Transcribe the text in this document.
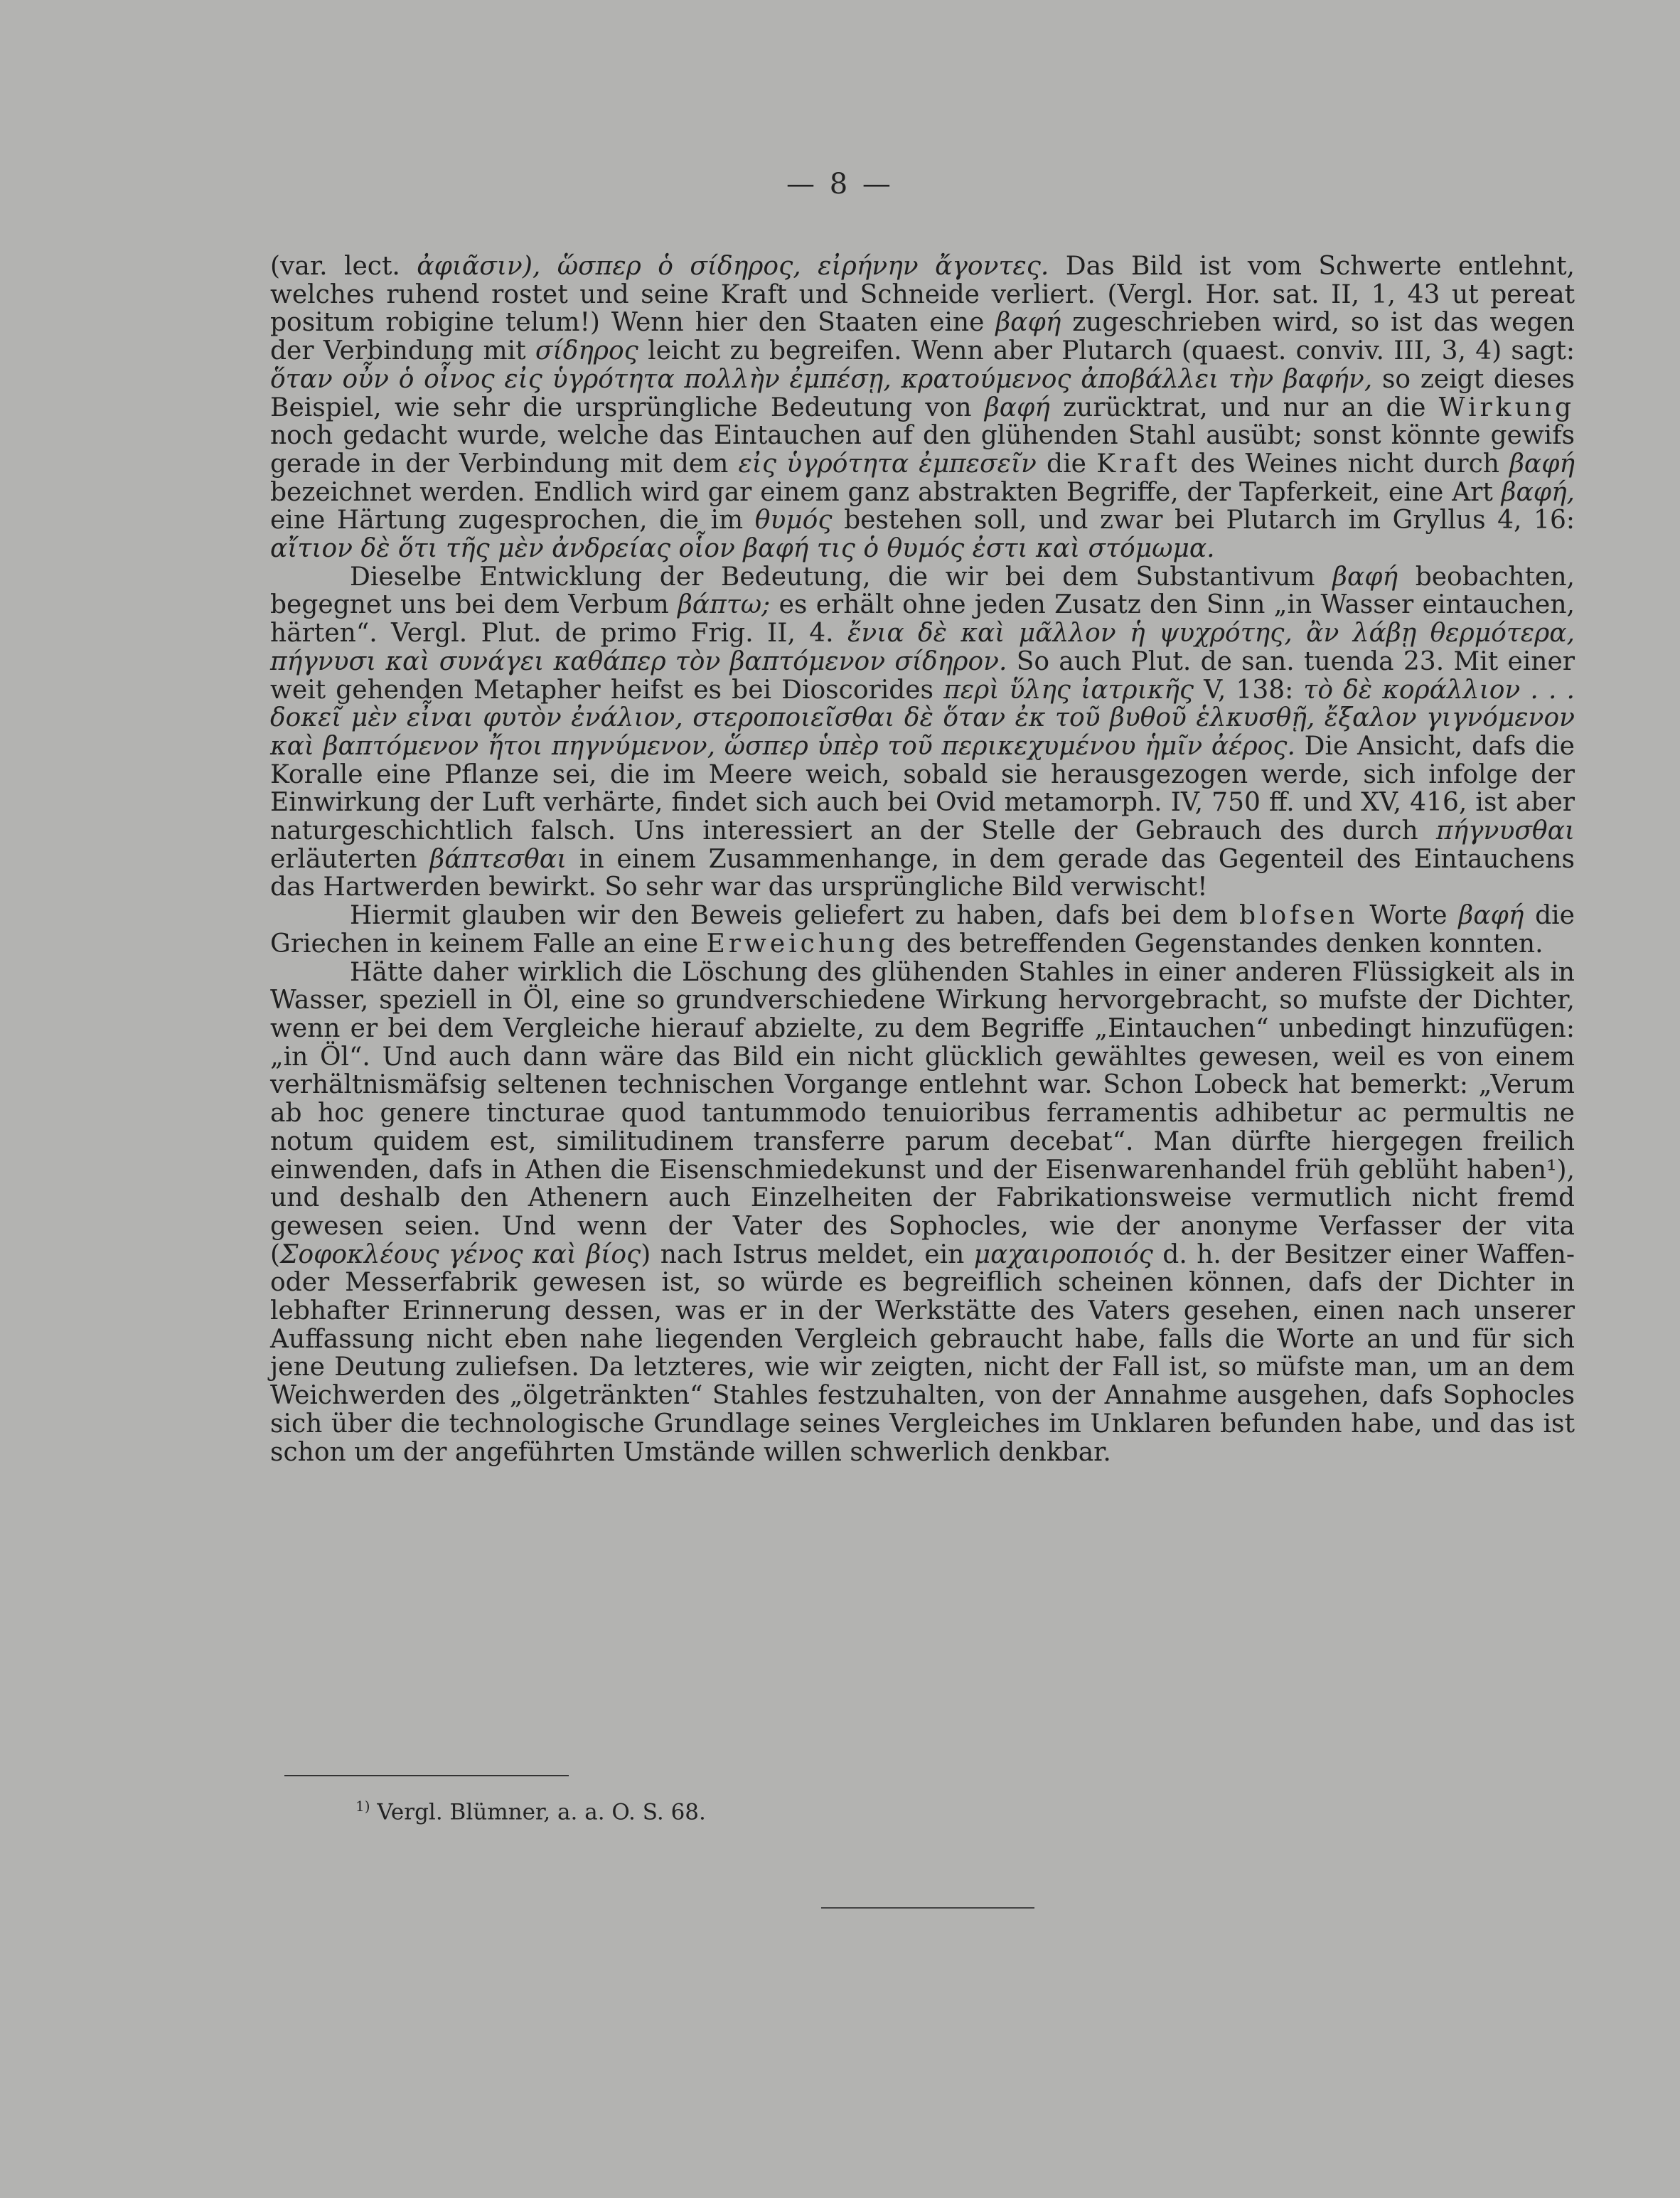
— 8 —

(var. lect. ἀφιᾶσιν), ὥσπερ ὁ σίδηρος, εἰρήνην ἄγοντες. Das Bild ist vom Schwerte entlehnt, welches ruhend rostet und seine Kraft und Schneide verliert. (Vergl. Hor. sat. II, 1, 43 ut pereat positum robigine telum!) Wenn hier den Staaten eine βαφή zugeschrieben wird, so ist das wegen der Verbindung mit σίδηρος leicht zu begreifen. Wenn aber Plutarch (quaest. conviv. III, 3, 4) sagt: ὅταν οὖν ὁ οἶνος εἰς ὑγρότητα πολλὴν ἐμπέσῃ, κρατούμενος ἀποβάλλει τὴν βαφήν, so zeigt dieses Beispiel, wie sehr die ursprüngliche Bedeutung von βαφή zurücktrat, und nur an die Wirkung noch gedacht wurde, welche das Eintauchen auf den glühenden Stahl ausübt; sonst könnte gewifs gerade in der Verbindung mit dem εἰς ὑγρότητα ἐμπεσεῖν die Kraft des Weines nicht durch βαφή bezeichnet werden. Endlich wird gar einem ganz abstrakten Begriffe, der Tapferkeit, eine Art βαφή, eine Härtung zugesprochen, die im θυμός bestehen soll, und zwar bei Plutarch im Gryllus 4, 16: αἴτιον δὲ ὅτι τῆς μὲν ἀνδρείας οἷον βαφή τις ὁ θυμός ἐστι καὶ στόμωμα.

Dieselbe Entwicklung der Bedeutung, die wir bei dem Substantivum βαφή beobachten, begegnet uns bei dem Verbum βάπτω; es erhält ohne jeden Zusatz den Sinn „in Wasser eintauchen, härten“. Vergl. Plut. de primo Frig. II, 4. ἔνια δὲ καὶ μᾶλλον ἡ ψυχρότης, ἂν λάβῃ θερμότερα, πήγνυσι καὶ συνάγει καθάπερ τὸν βαπτόμενον σίδηρον. So auch Plut. de san. tuenda 23. Mit einer weit gehenden Metapher heifst es bei Dioscorides περὶ ὕλης ἰατρικῆς V, 138: τὸ δὲ κοράλλιον . . . δοκεῖ μὲν εἶναι φυτὸν ἐνάλιον, στεροποιεῖσθαι δὲ ὅταν ἐκ τοῦ βυθοῦ ἑλκυσθῇ, ἔξαλον γιγνόμενον καὶ βαπτόμενον ἤτοι πηγνύμενον, ὥσπερ ὑπὲρ τοῦ περικεχυμένου ἡμῖν ἀέρος. Die Ansicht, dafs die Koralle eine Pflanze sei, die im Meere weich, sobald sie herausgezogen werde, sich infolge der Einwirkung der Luft verhärte, findet sich auch bei Ovid metamorph. IV, 750 ff. und XV, 416, ist aber naturgeschichtlich falsch. Uns interessiert an der Stelle der Gebrauch des durch πήγνυσθαι erläuterten βάπτεσθαι in einem Zusammenhange, in dem gerade das Gegenteil des Eintauchens das Hartwerden bewirkt. So sehr war das ursprüngliche Bild verwischt!

Hiermit glauben wir den Beweis geliefert zu haben, dafs bei dem blofsen Worte βαφή die Griechen in keinem Falle an eine Erweichung des betreffenden Gegenstandes denken konnten.

Hätte daher wirklich die Löschung des glühenden Stahles in einer anderen Flüssigkeit als in Wasser, speziell in Öl, eine so grundverschiedene Wirkung hervorgebracht, so mufste der Dichter, wenn er bei dem Vergleiche hierauf abzielte, zu dem Begriffe „Eintauchen“ unbedingt hinzufügen: „in Öl“. Und auch dann wäre das Bild ein nicht glücklich gewähltes gewesen, weil es von einem verhältnismäfsig seltenen technischen Vorgange entlehnt war. Schon Lobeck hat bemerkt: „Verum ab hoc genere tincturae quod tantummodo tenuioribus ferramentis adhibetur ac permultis ne notum quidem est, similitudinem transferre parum decebat“. Man dürfte hiergegen freilich einwenden, dafs in Athen die Eisenschmiedekunst und der Eisenwarenhandel früh geblüht haben¹), und deshalb den Athenern auch Einzelheiten der Fabrikationsweise vermutlich nicht fremd gewesen seien. Und wenn der Vater des Sophocles, wie der anonyme Verfasser der vita (Σοφοκλέους γένος καὶ βίος) nach Istrus meldet, ein μαχαιροποιός d. h. der Besitzer einer Waffen- oder Messerfabrik gewesen ist, so würde es begreiflich scheinen können, dafs der Dichter in lebhafter Erinnerung dessen, was er in der Werkstätte des Vaters gesehen, einen nach unserer Auffassung nicht eben nahe liegenden Vergleich gebraucht habe, falls die Worte an und für sich jene Deutung zuliefsen. Da letzteres, wie wir zeigten, nicht der Fall ist, so müfste man, um an dem Weichwerden des „ölgetränkten“ Stahles festzuhalten, von der Annahme ausgehen, dafs Sophocles sich über die technologische Grundlage seines Vergleiches im Unklaren befunden habe, und das ist schon um der angeführten Umstände willen schwerlich denkbar.

$^{1)}$ Vergl. Blümner, a. a. O. S. 68.
